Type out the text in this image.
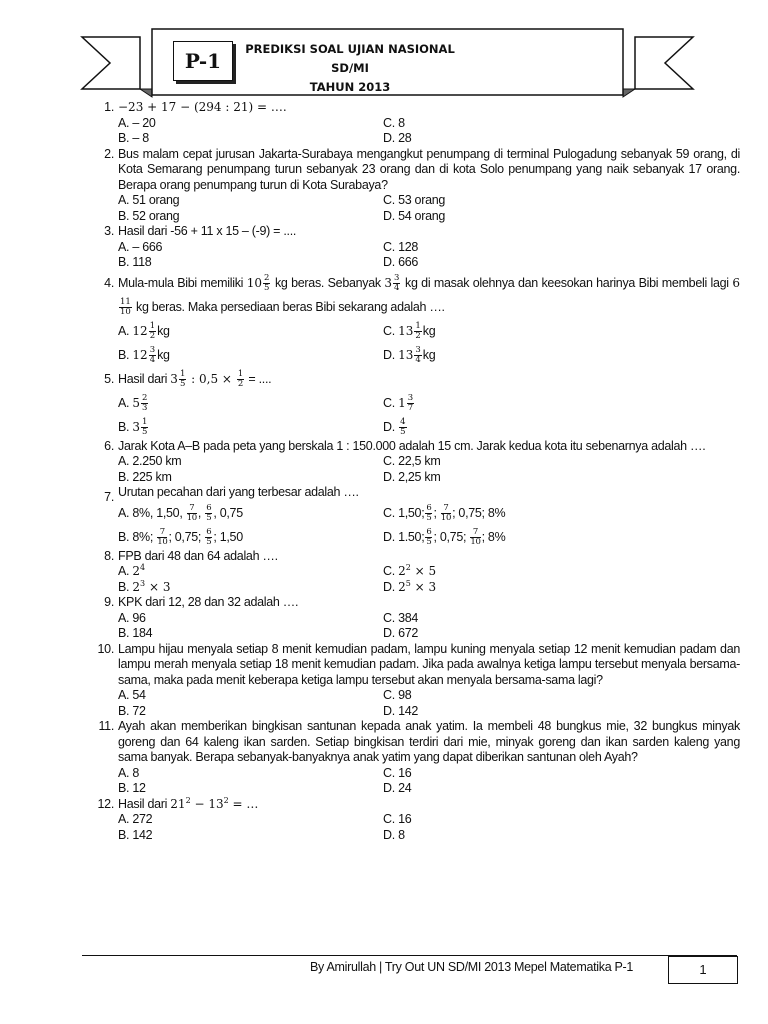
P-1	PREDIKSI SOAL UJIAN NASIONAL SD/MI
TAHUN 2013
1. −23 + 17 − (294 : 21) = ….
A. – 20	C. 8
B. – 8	D. 28
2. Bus malam cepat jurusan Jakarta-Surabaya mengangkut penumpang di terminal Pulogadung sebanyak 59 orang, di Kota Semarang penumpang turun sebanyak 23 orang dan di kota Solo penumpang yang naik sebanyak 17 orang. Berapa orang penumpang turun di Kota Surabaya?
A. 51 orang	C. 53 orang
B. 52 orang	D. 54 orang
3. Hasil dari -56 + 11 x 15 – (-9) = ....
A. – 666	C. 128
B. 118	D. 666
4. Mula-mula Bibi memiliki $10 \frac{2}{5}$ kg beras. Sebanyak $3 \frac{3}{4}$ kg di masak olehnya dan keesokan harinya Bibi membeli lagi 6
$\frac{11}{10}$ kg beras. Maka persediaan beras Bibi sekarang adalah ….
A. $12 \frac{1}{2}$ kg	C. $13 \frac{1}{2}$ kg
B. $12 \frac{3}{4}$ kg	D. $13 \frac{3}{4}$ kg
5. Hasil dari $3 \frac{1}{5}$ : $0,5 \times \frac{1}{2}$ = ....
A. $5 \frac{2}{3}$	C. $1 \frac{3}{7}$
B. $3 \frac{1}{5}$	D. $\frac{4}{5}$
6. Jarak Kota A–B pada peta yang berskala 1 : 150.000 adalah 15 cm. Jarak kedua kota itu sebenarnya adalah ….
A. 2.250 km	C. 22,5 km
B. 225 km	D. 2,25 km
7. Urutan pecahan dari yang terbesar adalah ….
A. 8%, 1,50, $\frac{7}{10}$ , $\frac{6}{5}$ , 0,75	C. 1,50; $\frac{6}{5}$ ; $\frac{7}{10}$ ; 0,75; 8%
B. 8%; $\frac{7}{10}$ ; 0,75; $\frac{6}{5}$ ; 1,50	D. 1.50; $\frac{6}{5}$ ; 0,75; $\frac{7}{10}$ ; 8%
8. FPB dari 48 dan 64 adalah ….
A. $2^4$	C. $2^2 \times 5$
B. $2^3 \times 3$	D. $2^5 \times 3$
9. KPK dari 12, 28 dan 32 adalah ….
A. 96	C. 384
B. 184	D. 672
10. Lampu hijau menyala setiap 8 menit kemudian padam, lampu kuning menyala setiap 12 menit kemudian padam dan lampu merah menyala setiap 18 menit kemudian padam. Jika pada awalnya ketiga lampu tersebut menyala bersama-sama, maka pada menit keberapa ketiga lampu tersebut akan menyala bersama-sama lagi?
A. 54	C. 98
B. 72	D. 142
11. Ayah akan memberikan bingkisan santunan kepada anak yatim. Ia membeli 48 bungkus mie, 32 bungkus minyak goreng dan 64 kaleng ikan sarden. Setiap bingkisan terdiri dari mie, minyak goreng dan ikan sarden kaleng yang sama banyak. Berapa sebanyak-banyaknya anak yatim yang dapat diberikan santunan oleh Ayah?
A. 8	C. 16
B. 12	D. 24
12. Hasil dari $21^2 - 13^2$ = …
A. 272	C. 16
B. 142	D. 8
By Amirullah | Try Out UN SD/MI 2013 Mepel Matematika P-1	1
